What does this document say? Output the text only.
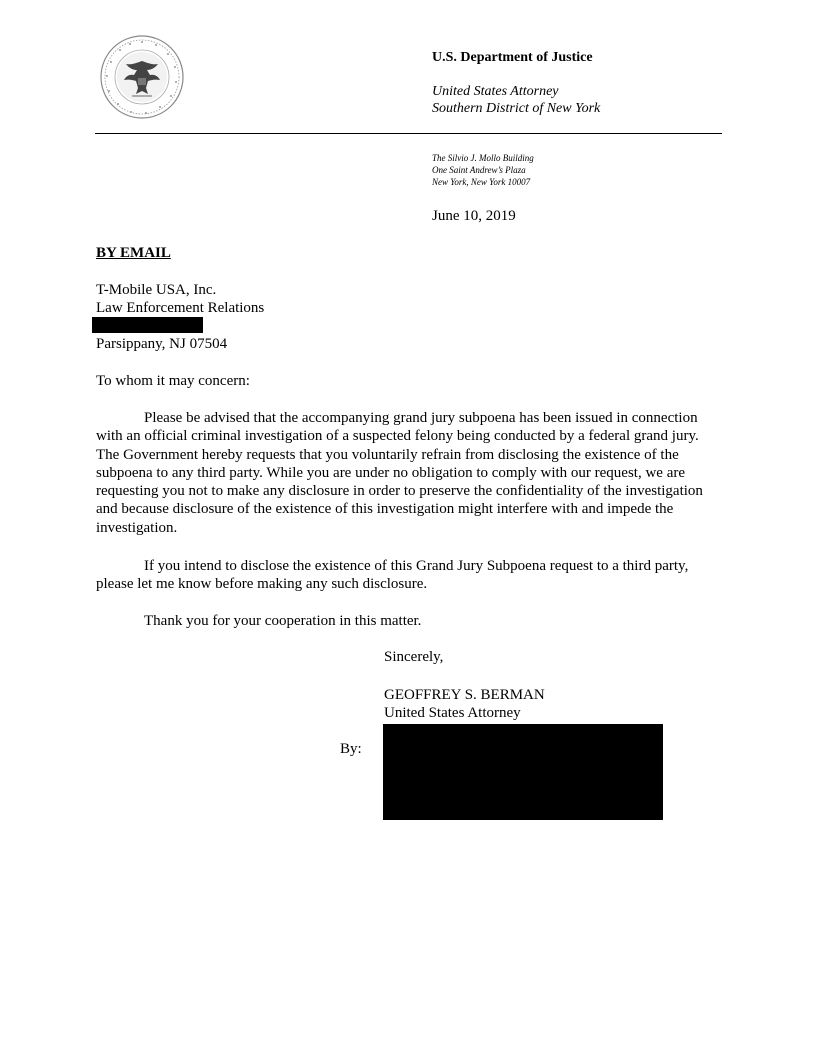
U.S. Department of Justice
United States Attorney
Southern District of New York
The Silvio J. Mollo Building
One Saint Andrew’s Plaza
New York, New York 10007
June 10, 2019
BY EMAIL
T-Mobile USA, Inc.
Law Enforcement Relations
Parsippany, NJ 07504
To whom it may concern:
Please be advised that the accompanying grand jury subpoena has been issued in connection with an official criminal investigation of a suspected felony being conducted by a federal grand jury. The Government hereby requests that you voluntarily refrain from disclosing the existence of the subpoena to any third party. While you are under no obligation to comply with our request, we are requesting you not to make any disclosure in order to preserve the confidentiality of the investigation and because disclosure of the existence of this investigation might interfere with and impede the investigation.
If you intend to disclose the existence of this Grand Jury Subpoena request to a third party, please let me know before making any such disclosure.
Thank you for your cooperation in this matter.
Sincerely,
GEOFFREY S. BERMAN
United States Attorney
By:
